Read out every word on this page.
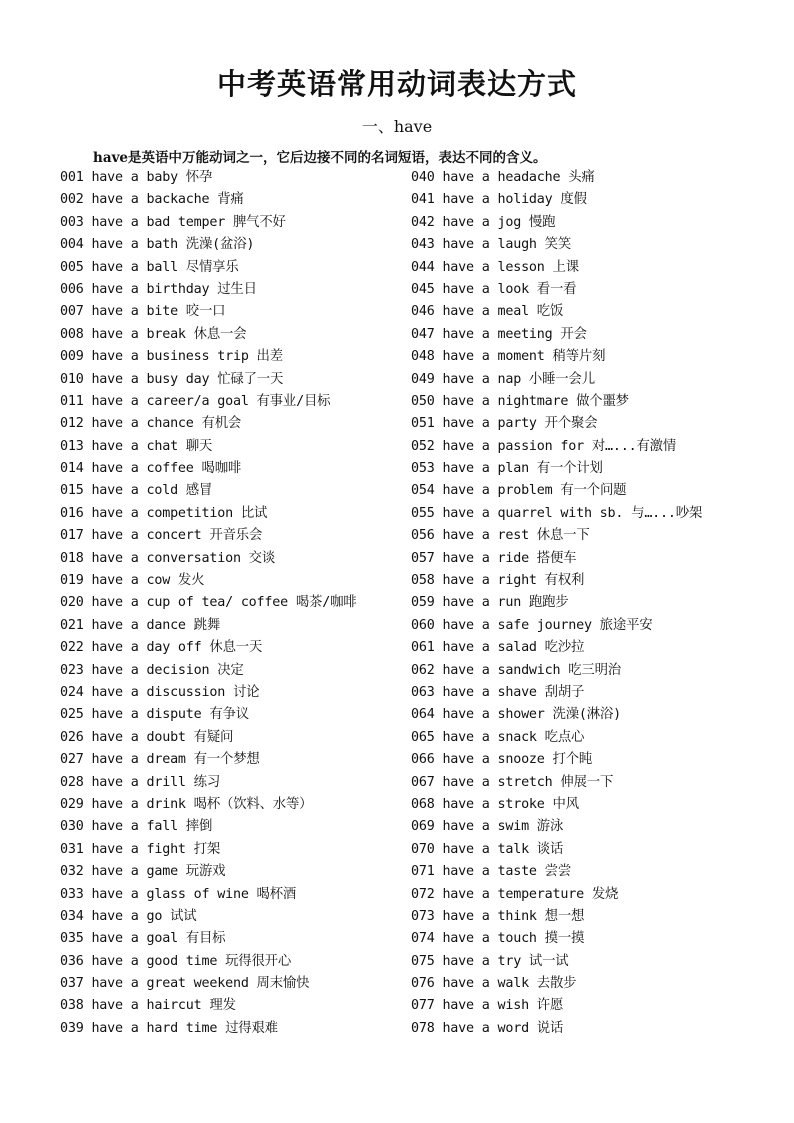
中考英语常用动词表达方式
一、have
have是英语中万能动词之一，它后边接不同的名词短语，表达不同的含义。
001 have a baby 怀孕
002 have a backache 背痛
003 have a bad temper 脾气不好
004 have a bath 洗澡(盆浴)
005 have a ball 尽情享乐
006 have a birthday 过生日
007 have a bite 咬一口
008 have a break 休息一会
009 have a business trip 出差
010 have a busy day 忙碌了一天
011 have a career/a goal 有事业/目标
012 have a chance 有机会
013 have a chat 聊天
014 have a coffee 喝咖啡
015 have a cold 感冒
016 have a competition 比试
017 have a concert 开音乐会
018 have a conversation 交谈
019 have a cow 发火
020 have a cup of tea/ coffee 喝茶/咖啡
021 have a dance 跳舞
022 have a day off 休息一天
023 have a decision 决定
024 have a discussion 讨论
025 have a dispute 有争议
026 have a doubt 有疑问
027 have a dream 有一个梦想
028 have a drill 练习
029 have a drink 喝杯（饮料、水等）
030 have a fall 摔倒
031 have a fight 打架
032 have a game 玩游戏
033 have a glass of wine 喝杯酒
034 have a go 试试
035 have a goal 有目标
036 have a good time 玩得很开心
037 have a great weekend 周末愉快
038 have a haircut 理发
039 have a hard time 过得艰难
040 have a headache 头痛
041 have a holiday 度假
042 have a jog 慢跑
043 have a laugh 笑笑
044 have a lesson 上课
045 have a look 看一看
046 have a meal 吃饭
047 have a meeting 开会
048 have a moment 稍等片刻
049 have a nap 小睡一会儿
050 have a nightmare 做个噩梦
051 have a party 开个聚会
052 have a passion for 对…...有激情
053 have a plan 有一个计划
054 have a problem 有一个问题
055 have a quarrel with sb. 与…...吵架
056 have a rest 休息一下
057 have a ride 搭便车
058 have a right 有权利
059 have a run 跑跑步
060 have a safe journey 旅途平安
061 have a salad 吃沙拉
062 have a sandwich 吃三明治
063 have a shave 刮胡子
064 have a shower 洗澡(淋浴)
065 have a snack 吃点心
066 have a snooze 打个盹
067 have a stretch 伸展一下
068 have a stroke 中风
069 have a swim 游泳
070 have a talk 谈话
071 have a taste 尝尝
072 have a temperature 发烧
073 have a think 想一想
074 have a touch 摸一摸
075 have a try 试一试
076 have a walk 去散步
077 have a wish 许愿
078 have a word 说话
